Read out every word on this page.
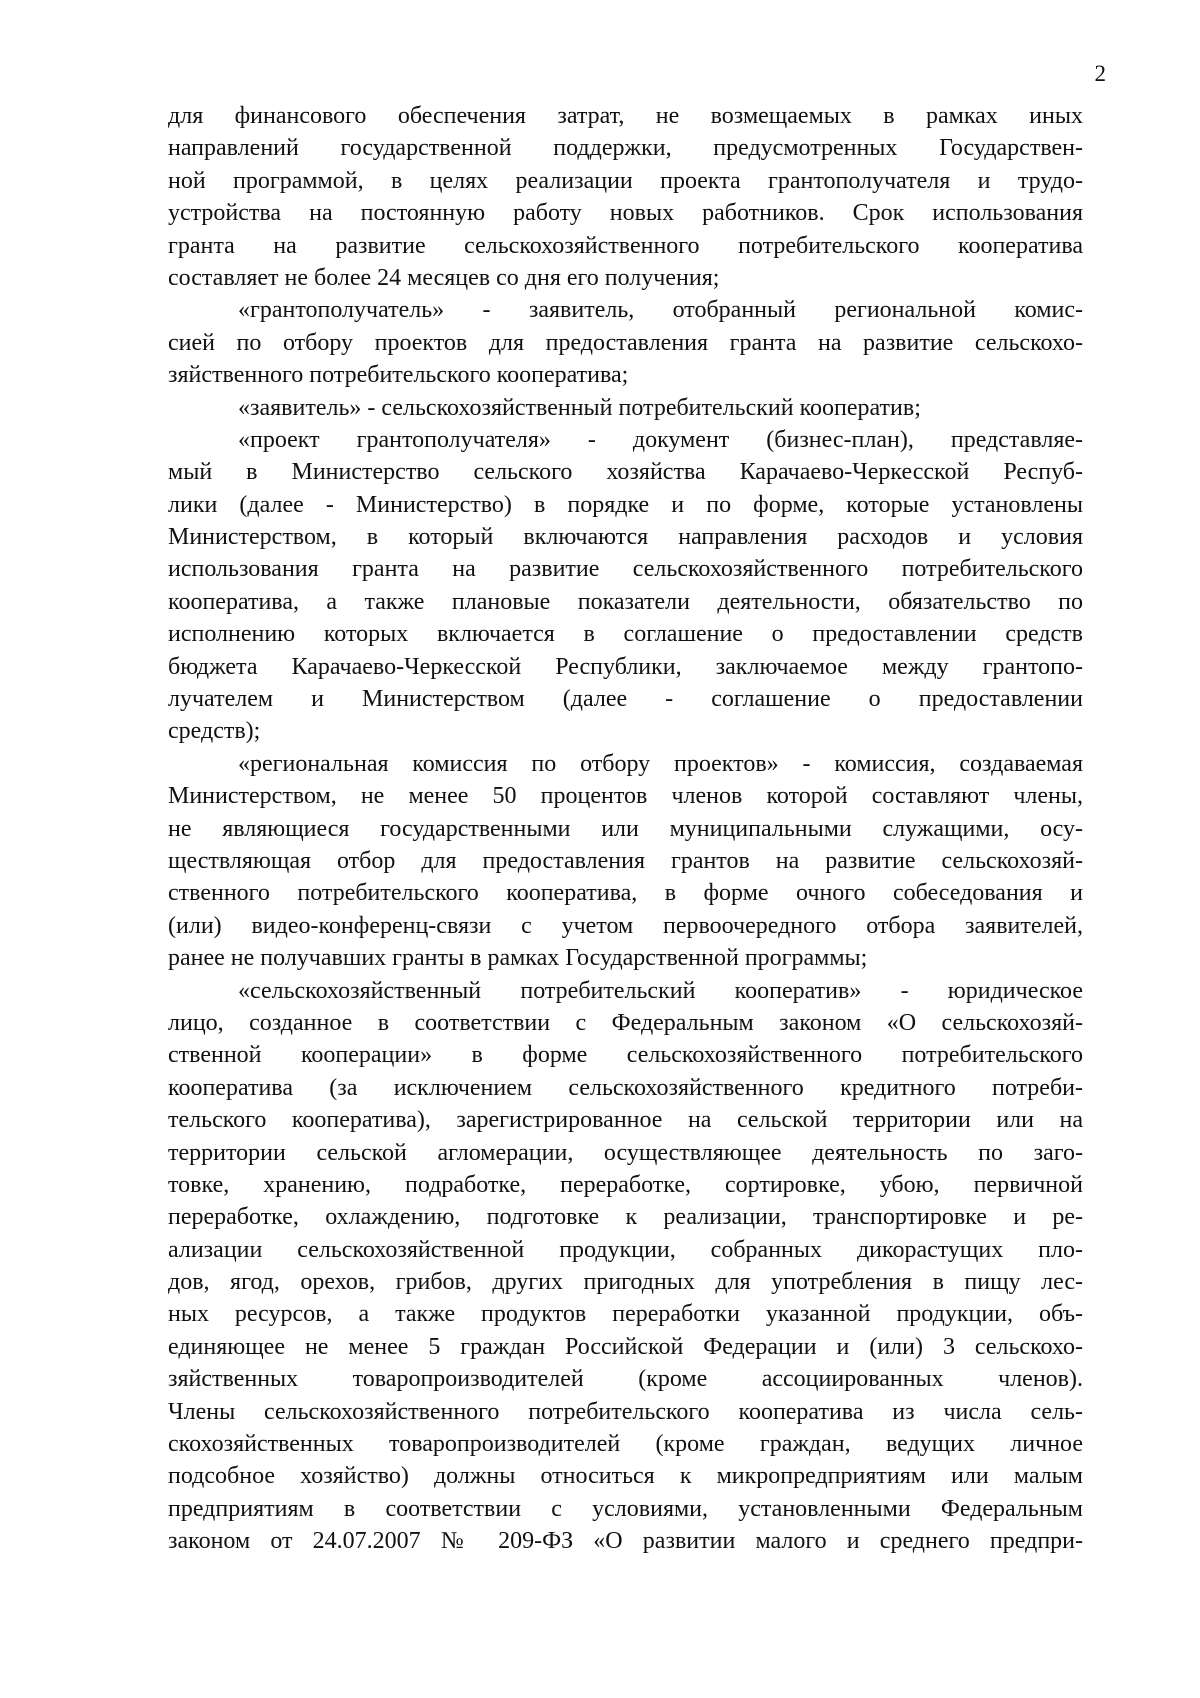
2
для финансового обеспечения затрат, не возмещаемых в рамках иных
направлений государственной поддержки, предусмотренных Государствен-
ной программой, в целях реализации проекта грантополучателя и трудо-
устройства на постоянную работу новых работников. Срок использования
гранта на развитие сельскохозяйственного потребительского кооператива
составляет не более 24 месяцев со дня его получения;
«грантополучатель» - заявитель, отобранный региональной комис-
сией по отбору проектов для предоставления гранта на развитие сельскохо-
зяйственного потребительского кооператива;
«заявитель» - сельскохозяйственный потребительский кооператив;
«проект грантополучателя» - документ (бизнес-план), представляе-
мый в Министерство сельского хозяйства Карачаево-Черкесской Респуб-
лики (далее - Министерство) в порядке и по форме, которые установлены
Министерством, в который включаются направления расходов и условия
использования гранта на развитие сельскохозяйственного потребительского
кооператива, а также плановые показатели деятельности, обязательство по
исполнению которых включается в соглашение о предоставлении средств
бюджета Карачаево-Черкесской Республики, заключаемое между грантопо-
лучателем и Министерством (далее - соглашение о предоставлении
средств);
«региональная комиссия по отбору проектов» - комиссия, создаваемая
Министерством, не менее 50 процентов членов которой составляют члены,
не являющиеся государственными или муниципальными служащими, осу-
ществляющая отбор для предоставления грантов на развитие сельскохозяй-
ственного потребительского кооператива, в форме очного собеседования и
(или) видео-конференц-связи с учетом первоочередного отбора заявителей,
ранее не получавших гранты в рамках Государственной программы;
«сельскохозяйственный потребительский кооператив» - юридическое
лицо, созданное в соответствии с Федеральным законом «О сельскохозяй-
ственной кооперации» в форме сельскохозяйственного потребительского
кооператива (за исключением сельскохозяйственного кредитного потреби-
тельского кооператива), зарегистрированное на сельской территории или на
территории сельской агломерации, осуществляющее деятельность по заго-
товке, хранению, подработке, переработке, сортировке, убою, первичной
переработке, охлаждению, подготовке к реализации, транспортировке и ре-
ализации сельскохозяйственной продукции, собранных дикорастущих пло-
дов, ягод, орехов, грибов, других пригодных для употребления в пищу лес-
ных ресурсов, а также продуктов переработки указанной продукции, объ-
единяющее не менее 5 граждан Российской Федерации и (или) 3 сельскохо-
зяйственных товаропроизводителей (кроме ассоциированных членов).
Члены сельскохозяйственного потребительского кооператива из числа сель-
скохозяйственных товаропроизводителей (кроме граждан, ведущих личное
подсобное хозяйство) должны относиться к микропредприятиям или малым
предприятиям в соответствии с условиями, установленными Федеральным
законом от 24.07.2007 № 209-ФЗ «О развитии малого и среднего предпри-
